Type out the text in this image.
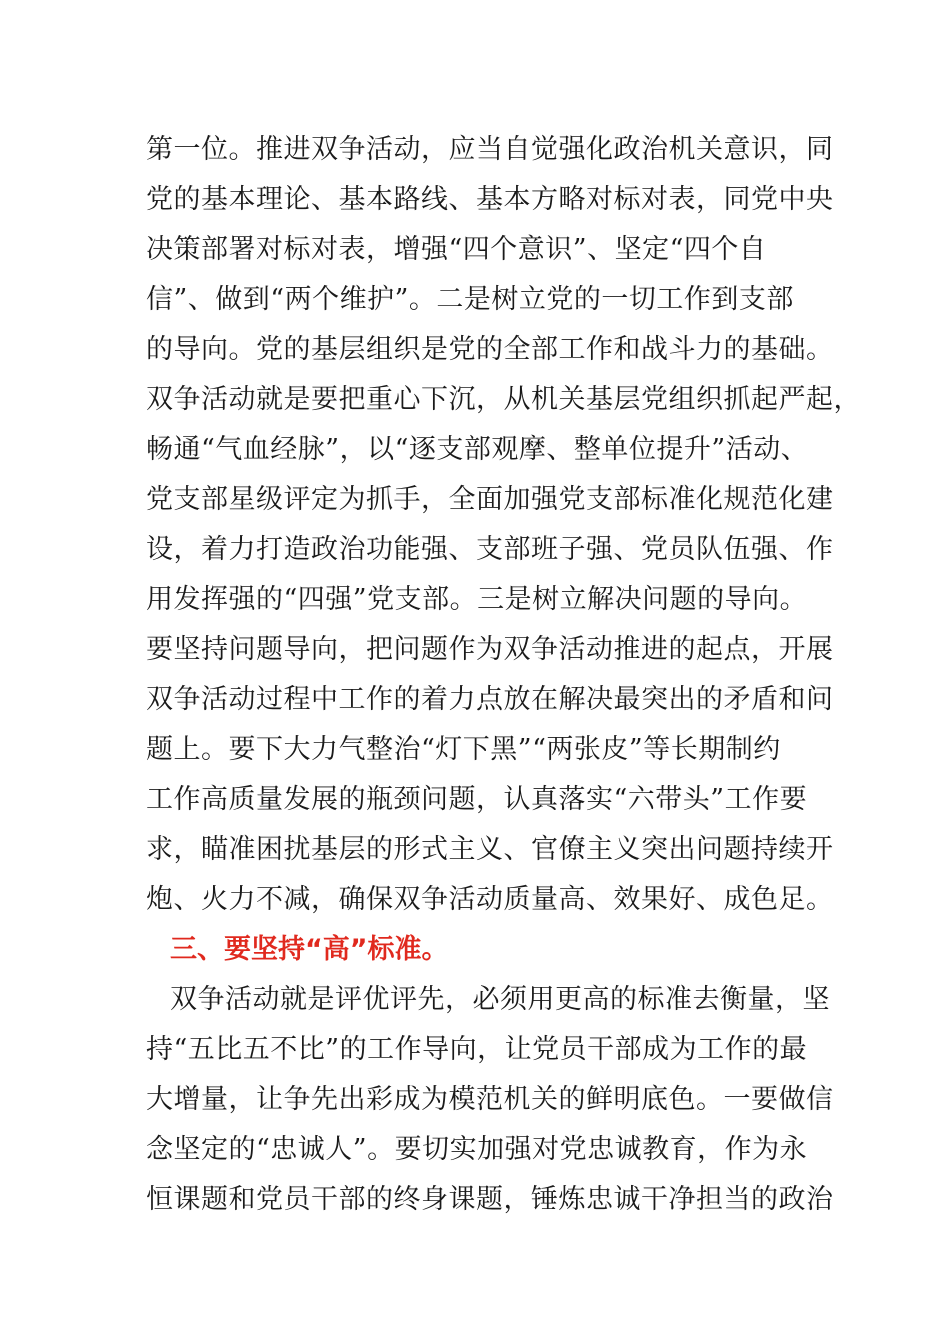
第一位。推进双争活动，应当自觉强化政治机关意识，同
党的基本理论、基本路线、基本方略对标对表，同党中央
决策部署对标对表，增强“四个意识”、坚定“四个自
信”、做到“两个维护”。二是树立党的一切工作到支部
的导向。党的基层组织是党的全部工作和战斗力的基础。
双争活动就是要把重心下沉，从机关基层党组织抓起严起，
畅通“气血经脉”，以“逐支部观摩、整单位提升”活动、
党支部星级评定为抓手，全面加强党支部标准化规范化建
设，着力打造政治功能强、支部班子强、党员队伍强、作
用发挥强的“四强”党支部。三是树立解决问题的导向。
要坚持问题导向，把问题作为双争活动推进的起点，开展
双争活动过程中工作的着力点放在解决最突出的矛盾和问
题上。要下大力气整治“灯下黑”“两张皮”等长期制约
工作高质量发展的瓶颈问题，认真落实“六带头”工作要
求，瞄准困扰基层的形式主义、官僚主义突出问题持续开
炮、火力不减，确保双争活动质量高、效果好、成色足。
三、要坚持“高”标准。
双争活动就是评优评先，必须用更高的标准去衡量，坚
持“五比五不比”的工作导向，让党员干部成为工作的最
大增量，让争先出彩成为模范机关的鲜明底色。一要做信
念坚定的“忠诚人”。要切实加强对党忠诚教育，作为永
恒课题和党员干部的终身课题，锤炼忠诚干净担当的政治
